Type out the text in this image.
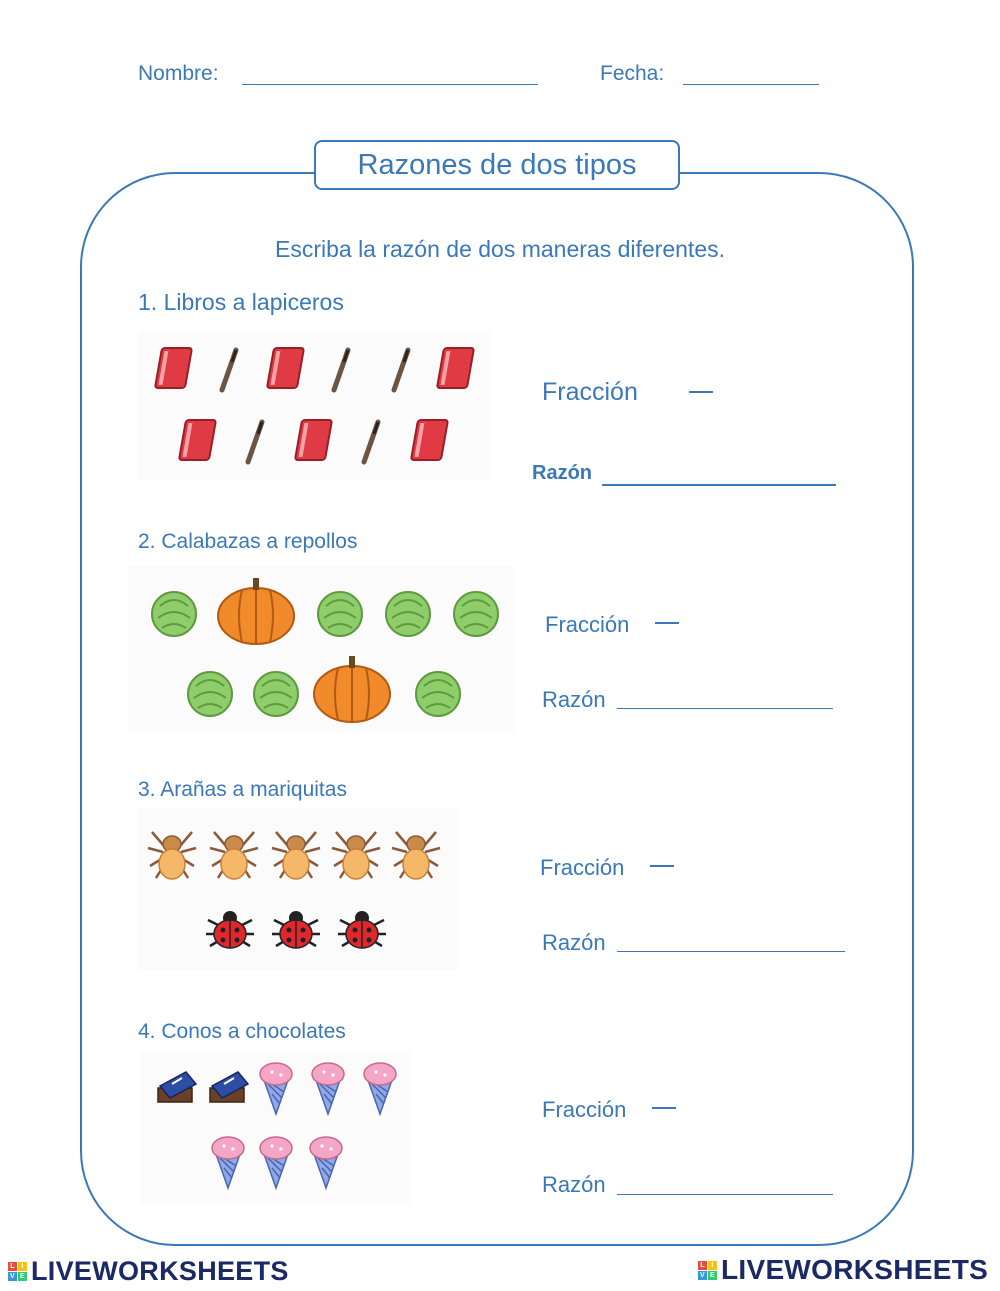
Nombre:	Fecha:
Razones de dos tipos
Escriba la razón de dos maneras diferentes.
1. Libros a lapiceros
Fracción
Razón
2. Calabazas a repollos
Fracción
Razón
3. Arañas a mariquitas
Fracción
Razón
4. Conos a chocolates
Fracción
Razón
L I
V E LIVEWORKSHEETS	L I
V E LIVEWORKSHEETS
